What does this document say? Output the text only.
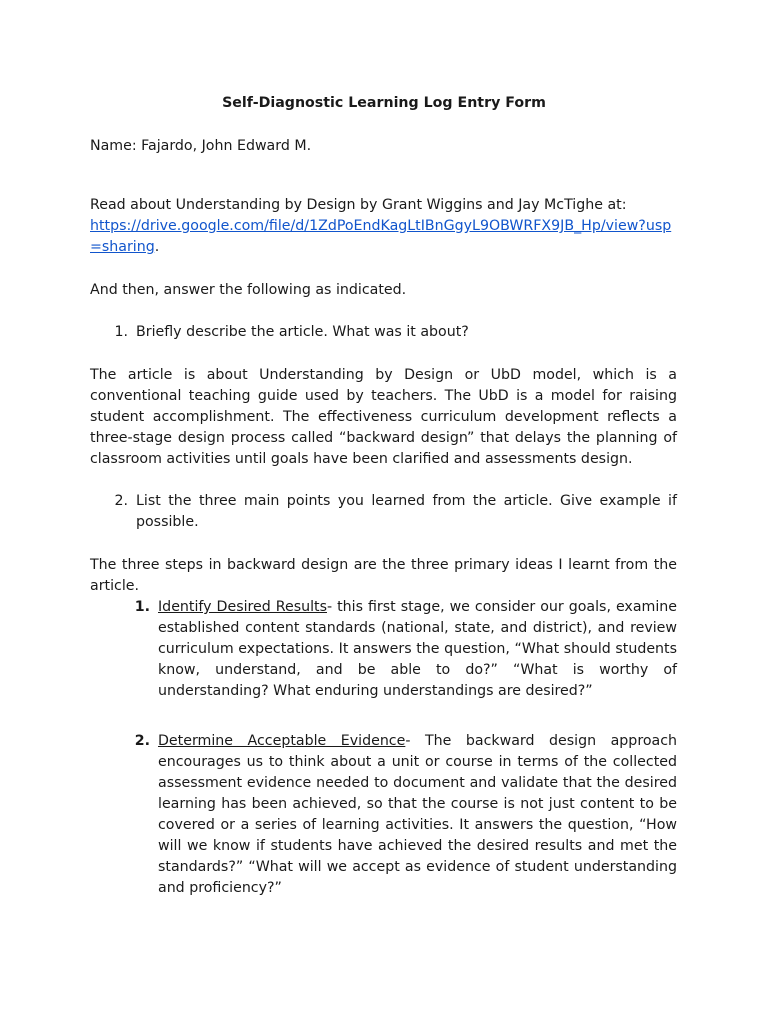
Self-Diagnostic Learning Log Entry Form

Name: Fajardo, John Edward M.

Read about Understanding by Design by Grant Wiggins and Jay McTighe at:
https://drive.google.com/file/d/1ZdPoEndKagLtIBnGgyL9OBWRFX9JB_Hp/view?usp=sharing.

And then, answer the following as indicated.

1. Briefly describe the article. What was it about?

The article is about Understanding by Design or UbD model, which is a conventional teaching guide used by teachers. The UbD is a model for raising student accomplishment. The effectiveness curriculum development reflects a three-stage design process called “backward design” that delays the planning of classroom activities until goals have been clarified and assessments design.

2. List the three main points you learned from the article. Give example if possible.

The three steps in backward design are the three primary ideas I learnt from the article.

1. Identify Desired Results- this first stage, we consider our goals, examine established content standards (national, state, and district), and review curriculum expectations. It answers the question, “What should students know, understand, and be able to do?” “What is worthy of understanding? What enduring understandings are desired?”

2. Determine Acceptable Evidence- The backward design approach encourages us to think about a unit or course in terms of the collected assessment evidence needed to document and validate that the desired learning has been achieved, so that the course is not just content to be covered or a series of learning activities. It answers the question, “How will we know if students have achieved the desired results and met the standards?” “What will we accept as evidence of student understanding and proficiency?”
